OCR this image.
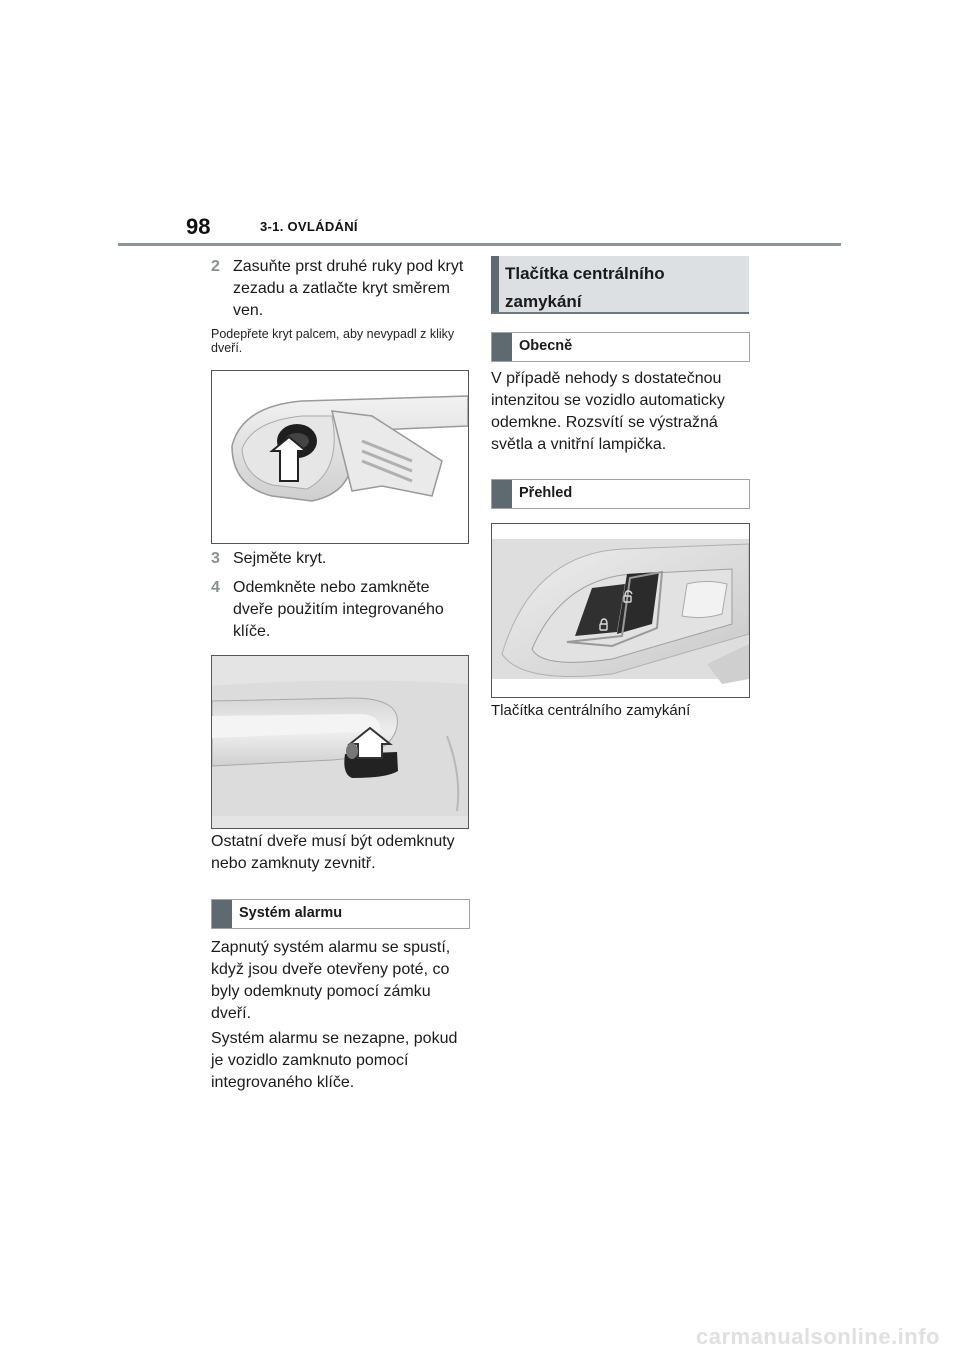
98	3-1. OVLÁDÁNÍ
2 Zasuňte prst druhé ruky pod kryt zezadu a zatlačte kryt směrem ven.
Podepřete kryt palcem, aby nevypadl z kliky dveří.
3 Sejměte kryt.
4 Odemkněte nebo zamkněte dveře použitím integrovaného klíče.
Ostatní dveře musí být odemknuty nebo zamknuty zevnitř.
Systém alarmu
Zapnutý systém alarmu se spustí, když jsou dveře otevřeny poté, co byly odemknuty pomocí zámku dveří.
Systém alarmu se nezapne, pokud je vozidlo zamknuto pomocí integrovaného klíče.
Tlačítka centrálního zamykání
Obecně
V případě nehody s dostatečnou intenzitou se vozidlo automaticky odemkne. Rozsvítí se výstražná světla a vnitřní lampička.
Přehled
Tlačítka centrálního zamykání
carmanualsonline.info
